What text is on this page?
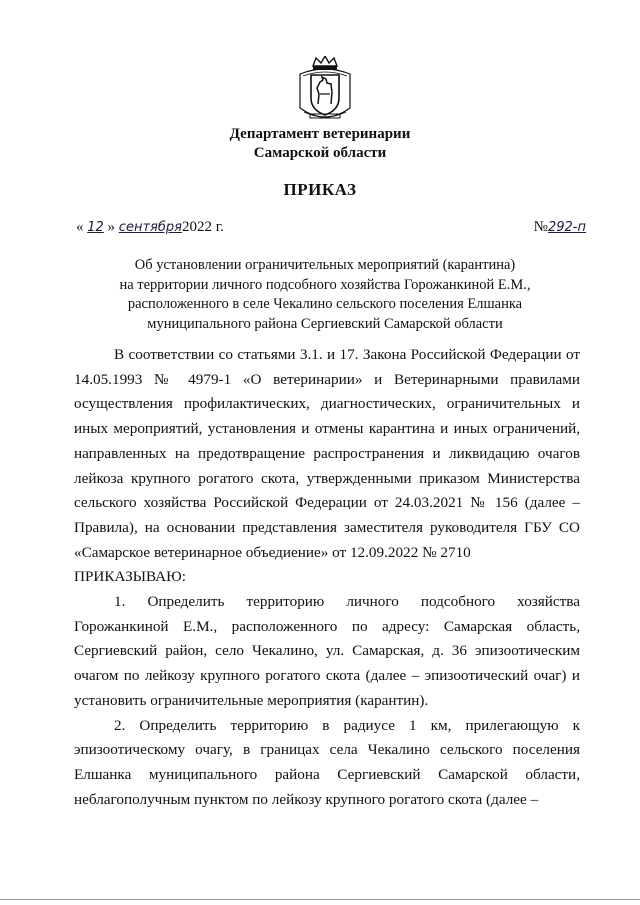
Департамент ветеринарии
Самарской области
ПРИКАЗ
« 12 » сентября2022 г.	№292-п
Об установлении ограничительных мероприятий (карантина)
на территории личного подсобного хозяйства Горожанкиной Е.М.,
расположенного в селе Чекалино сельского поселения Елшанка
муниципального района Сергиевский Самарской области

В соответствии со статьями 3.1. и 17. Закона Российской Федерации от 14.05.1993 № 4979-1 «О ветеринарии» и Ветеринарными правилами осуществления профилактических, диагностических, ограничительных и иных мероприятий, установления и отмены карантина и иных ограничений, направленных на предотвращение распространения и ликвидацию очагов лейкоза крупного рогатого скота, утвержденными приказом Министерства сельского хозяйства Российской Федерации от 24.03.2021 № 156 (далее – Правила), на основании представления заместителя руководителя ГБУ СО «Самарское ветеринарное объедиение» от 12.09.2022 № 2710

ПРИКАЗЫВАЮ:

1. Определить территорию личного подсобного хозяйства Горожанкиной Е.М., расположенного по адресу: Самарская область, Сергиевский район, село Чекалино, ул. Самарская, д. 36 эпизоотическим очагом по лейкозу крупного рогатого скота (далее – эпизоотический очаг) и установить ограничительные мероприятия (карантин).

2. Определить территорию в радиусе 1 км, прилегающую к эпизоотическому очагу, в границах села Чекалино сельского поселения Елшанка муниципального района Сергиевский Самарской области, неблагополучным пунктом по лейкозу крупного рогатого скота (далее –
